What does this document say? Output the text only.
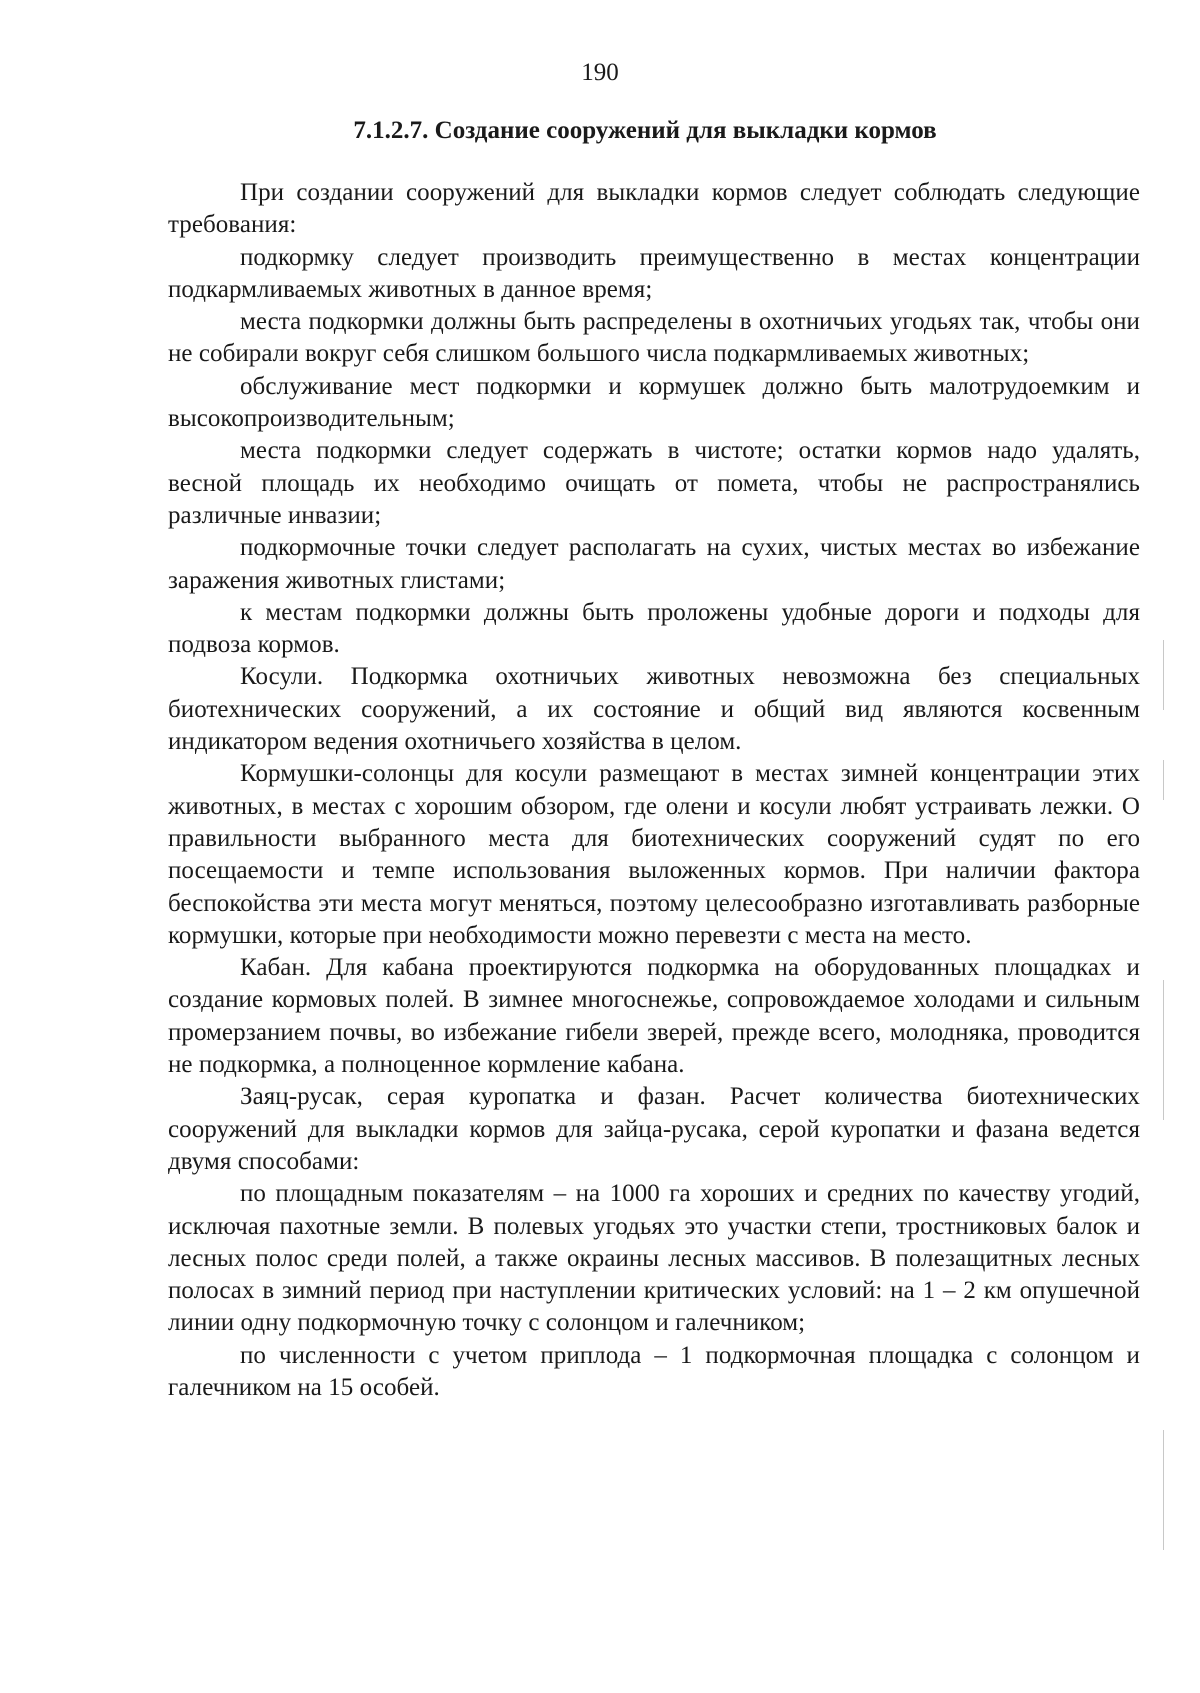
190
7.1.2.7. Создание сооружений для выкладки кормов

При создании сооружений для выкладки кормов следует соблюдать следующие требования:

подкормку следует производить преимущественно в местах концентрации подкармливаемых животных в данное время;

места подкормки должны быть распределены в охотничьих угодьях так, чтобы они не собирали вокруг себя слишком большого числа подкармливаемых животных;

обслуживание мест подкормки и кормушек должно быть малотрудоемким и высокопроизводительным;

места подкормки следует содержать в чистоте; остатки кормов надо удалять, весной площадь их необходимо очищать от помета, чтобы не распространялись различные инвазии;

подкормочные точки следует располагать на сухих, чистых местах во избежание заражения животных глистами;

к местам подкормки должны быть проложены удобные дороги и подходы для подвоза кормов.

Косули. Подкормка охотничьих животных невозможна без специальных биотехнических сооружений, а их состояние и общий вид являются косвенным индикатором ведения охотничьего хозяйства в целом.

Кормушки-солонцы для косули размещают в местах зимней концентрации этих животных, в местах с хорошим обзором, где олени и косули любят устраивать лежки. О правильности выбранного места для биотехнических сооружений судят по его посещаемости и темпе использования выложенных кормов. При наличии фактора беспокойства эти места могут меняться, поэтому целесообразно изготавливать разборные кормушки, которые при необходимости можно перевезти с места на место.

Кабан. Для кабана проектируются подкормка на оборудованных площадках и создание кормовых полей. В зимнее многоснежье, сопровождаемое холодами и сильным промерзанием почвы, во избежание гибели зверей, прежде всего, молодняка, проводится не подкормка, а полноценное кормление кабана.

Заяц-русак, серая куропатка и фазан. Расчет количества биотехнических сооружений для выкладки кормов для зайца-русака, серой куропатки и фазана ведется двумя способами:

по площадным показателям – на 1000 га хороших и средних по качеству угодий, исключая пахотные земли. В полевых угодьях это участки степи, тростниковых балок и лесных полос среди полей, а также окраины лесных массивов. В полезащитных лесных полосах в зимний период при наступлении критических условий: на 1 – 2 км опушечной линии одну подкормочную точку с солонцом и галечником;

по численности с учетом приплода – 1 подкормочная площадка с солонцом и галечником на 15 особей.
